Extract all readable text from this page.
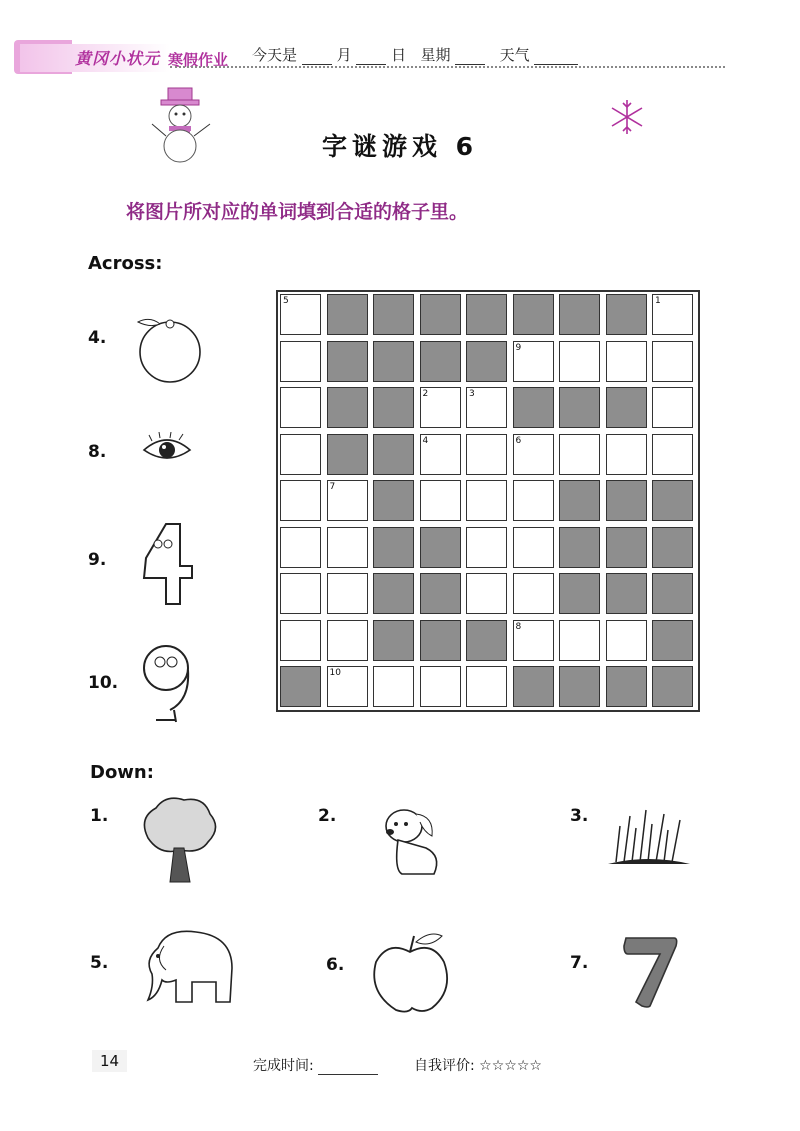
黄冈小状元 寒假作业 今天是	月	日 星期	天气
字谜游戏 6
将图片所对应的单词填到合适的格子里。
Across:
4.
8.
9.
10.
5	1
9
2	3
4	6
7
8
10
Down:
1.	2.	3.
5.	6.	7.
14	完成时间:	自我评价: ☆☆☆☆☆
